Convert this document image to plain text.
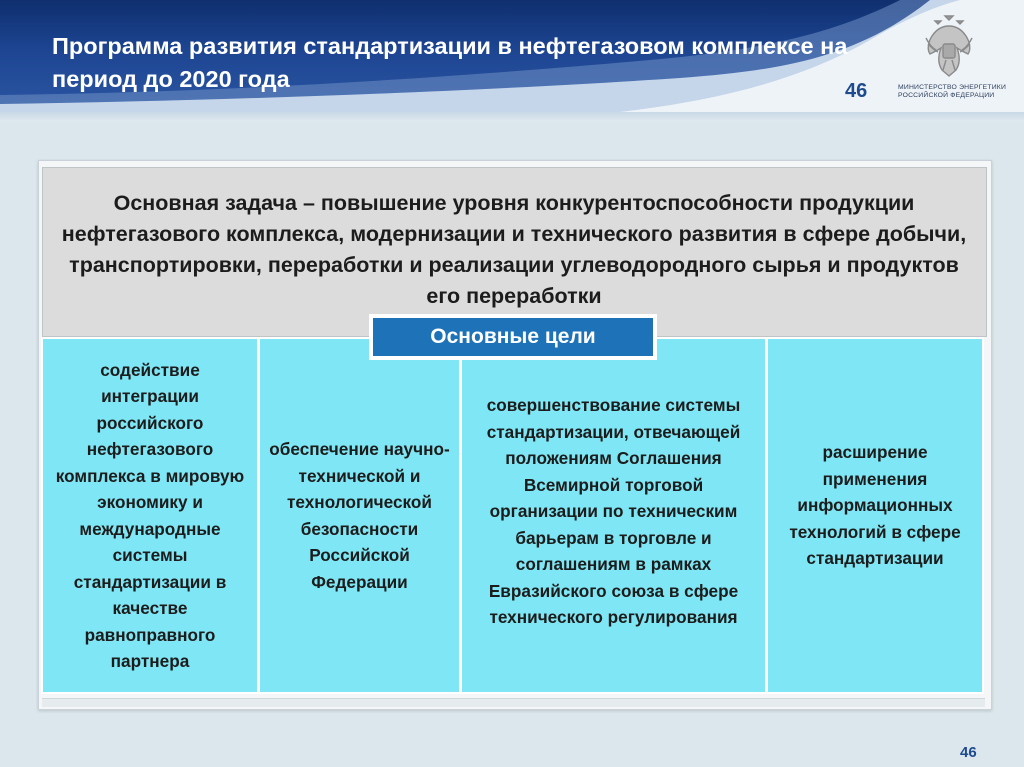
Программа развития стандартизации в нефтегазовом комплексе на период до 2020 года	46	МИНИСТЕРСТВО ЭНЕРГЕТИКИ РОССИЙСКОЙ ФЕДЕРАЦИИ

Основная задача – повышение уровня конкурентоспособности продукции нефтегазового комплекса, модернизации и технического развития в сфере добычи, транспортировки, переработки и реализации углеводородного сырья и продуктов его переработки

содействие интеграции российского нефтегазового комплекса в мировую экономику и международные системы стандартизации в качестве равноправного партнера
обеспечение научно-технической и технологической безопасности Российской Федерации
совершенствование системы стандартизации, отвечающей положениям Соглашения Всемирной торговой организации по техническим барьерам в торговле и соглашениям в рамках Евразийского союза в сфере технического регулирования
расширение применения информационных технологий в сфере стандартизации
Основные цели
46
